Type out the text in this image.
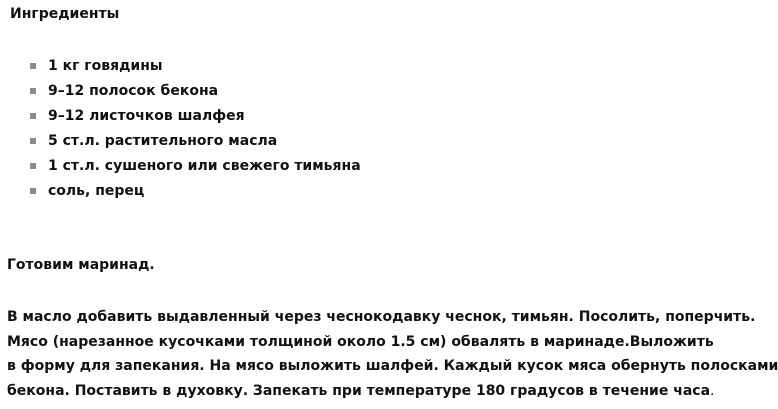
Ингредиенты
1 кг говядины
9–12 полосок бекона
9–12 листочков шалфея
5 ст.л. растительного масла
1 ст.л. сушеного или свежего тимьяна
соль, перец
Готовим маринад.
В масло добавить выдавленный через чеснокодавку чеснок, тимьян. Посолить, поперчить.
Мясо (нарезанное кусочками толщиной около 1.5 см) обвалять в маринаде.Выложить
в форму для запекания. На мясо выложить шалфей. Каждый кусок мяса обернуть полосками
бекона. Поставить в духовку. Запекать при температуре 180 градусов в течение часа.
